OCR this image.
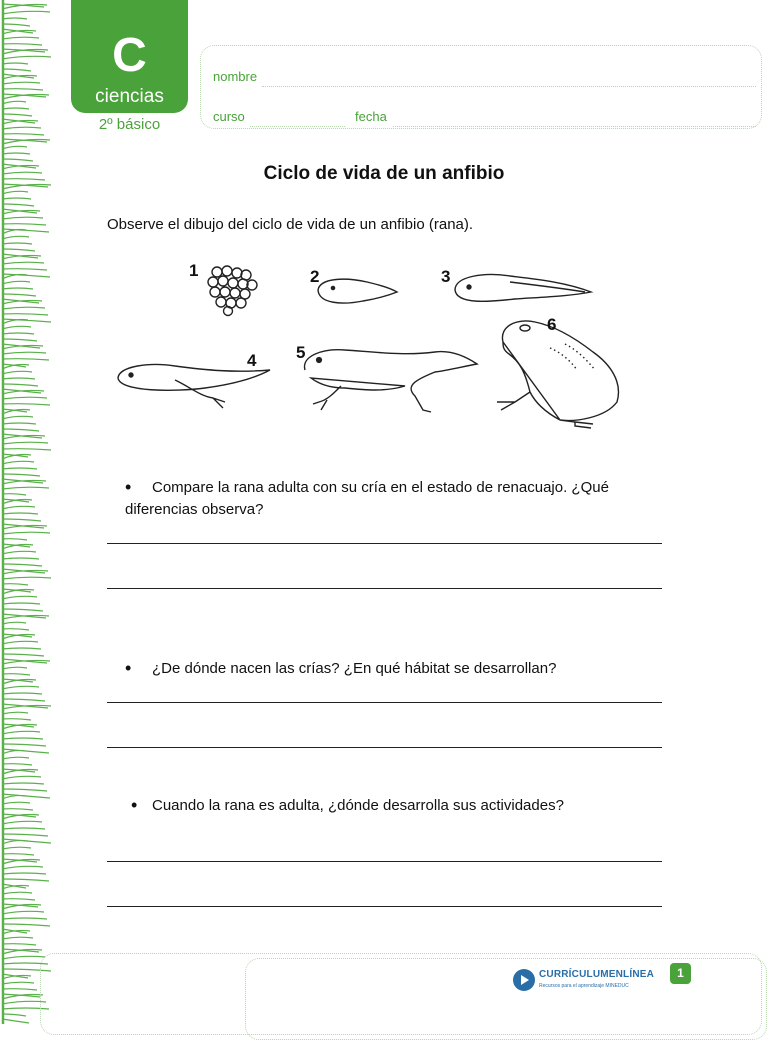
C
ciencias
2º básico
nombre
curso	fecha
Ciclo de vida de un anfibio
Observe el dibujo del ciclo de vida de un anfibio (rana).
1	2	3
4 5
6
•	Compare la rana adulta con su cría en el estado de renacuajo. ¿Qué diferencias observa?
• ¿De dónde nacen las crías? ¿En qué hábitat se desarrollan?
• Cuando la rana es adulta, ¿dónde desarrolla sus actividades?
CURRÍCULUMENLÍNEA
Recursos para el aprendizaje MINEDUC
1
